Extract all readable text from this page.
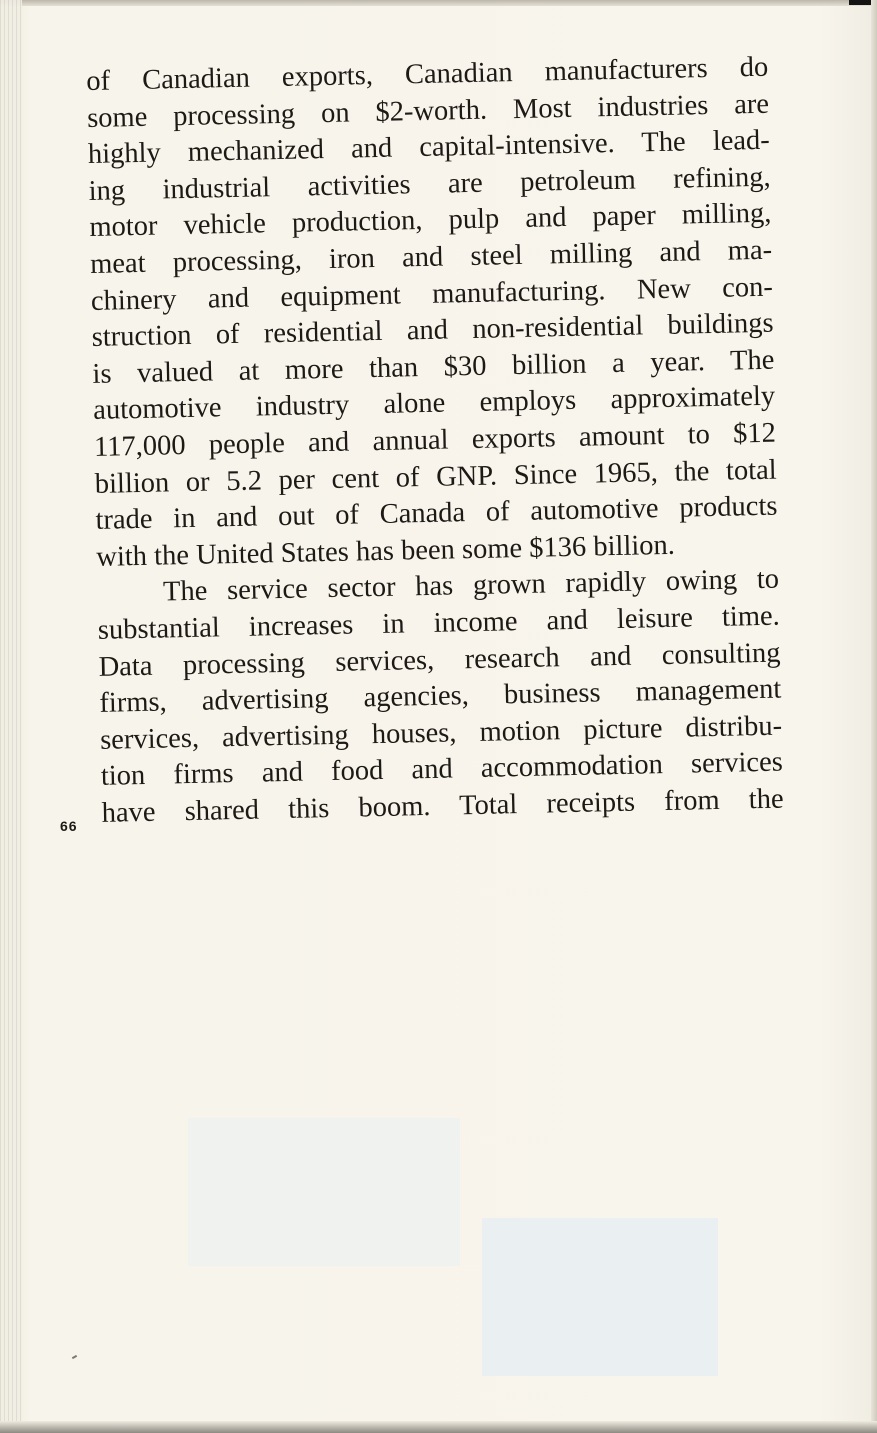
of Canadian exports, Canadian manufacturers do
some processing on $2-worth. Most industries are
highly mechanized and capital-intensive. The lead-
ing industrial activities are petroleum refining,
motor vehicle production, pulp and paper milling,
meat processing, iron and steel milling and ma-
chinery and equipment manufacturing. New con-
struction of residential and non-residential buildings
is valued at more than $30 billion a year. The
automotive industry alone employs approximately
117,000 people and annual exports amount to $12
billion or 5.2 per cent of GNP. Since 1965, the total
trade in and out of Canada of automotive products
with the United States has been some $136 billion.
The service sector has grown rapidly owing to
substantial increases in income and leisure time.
Data processing services, research and consulting
firms, advertising agencies, business management
services, advertising houses, motion picture distribu-
tion firms and food and accommodation services
have shared this boom. Total receipts from the
66
